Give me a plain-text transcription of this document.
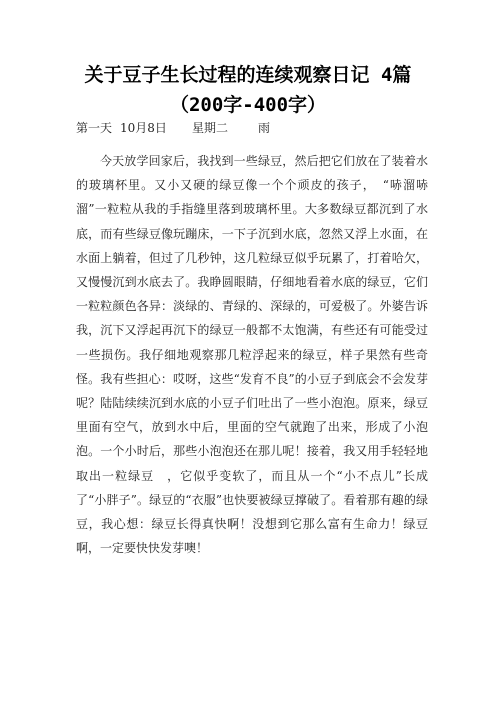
关于豆子生长过程的连续观察日记 4篇
（200字-400字）
第一天 10月8日 星期二 雨

今天放学回家后，我找到一些绿豆，然后把它们放在了装着水的玻璃杯里。又小又硬的绿豆像一个个顽皮的孩子，　“哧溜哧溜”一粒粒从我的手指缝里落到玻璃杯里。大多数绿豆都沉到了水底，而有些绿豆像玩蹦床，一下子沉到水底，忽然又浮上水面，在水面上躺着，但过了几秒钟，这几粒绿豆似乎玩累了，打着哈欠，又慢慢沉到水底去了。我睁圆眼睛，仔细地看着水底的绿豆，它们一粒粒颜色各异：淡绿的、青绿的、深绿的，可爱极了。外婆告诉我，沉下又浮起再沉下的绿豆一般都不太饱满，有些还有可能受过一些损伤。我仔细地观察那几粒浮起来的绿豆，样子果然有些奇怪。我有些担心：哎呀，这些“发育不良”的小豆子到底会不会发芽呢？陆陆续续沉到水底的小豆子们吐出了一些小泡泡。原来，绿豆里面有空气，放到水中后，里面的空气就跑了出来，形成了小泡泡。一个小时后，那些小泡泡还在那儿呢！接着，我又用手轻轻地取出一粒绿豆　，它似乎变软了，而且从一个“小不点儿”长成了“小胖子”。绿豆的“衣服”也快要被绿豆撑破了。看着那有趣的绿豆，我心想：绿豆长得真快啊！没想到它那么富有生命力！绿豆啊，一定要快快发芽噢！
